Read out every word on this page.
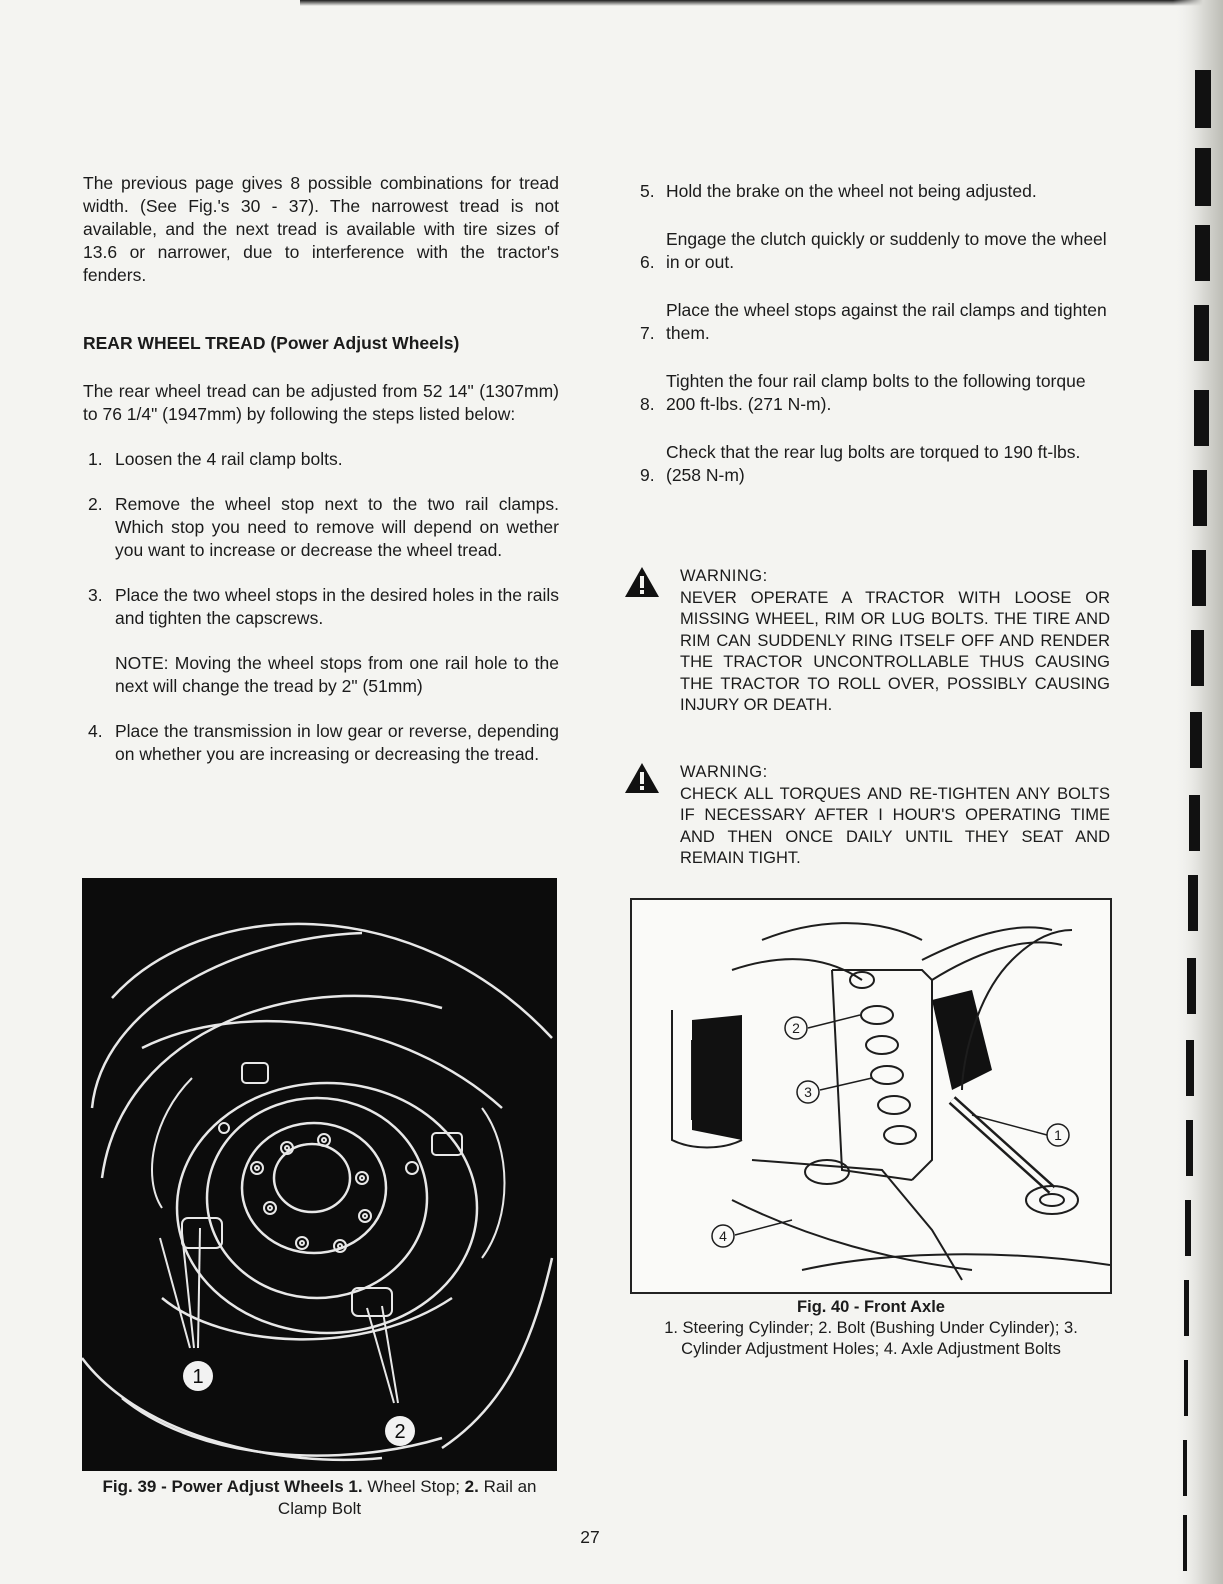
The previous page gives 8 possible combinations for tread width. (See Fig.'s 30 - 37). The narrowest tread is not available, and the next tread is available with tire sizes of 13.6 or narrower, due to interference with the tractor's fenders.

REAR WHEEL TREAD (Power Adjust Wheels)

The rear wheel tread can be adjusted from 52 14" (1307mm) to 76 1/4" (1947mm) by following the steps listed below:

1. Loosen the 4 rail clamp bolts.
2. Remove the wheel stop next to the two rail clamps. Which stop you need to remove will depend on wether you want to increase or decrease the wheel tread.
3. Place the two wheel stops in the desired holes in the rails and tighten the capscrews.

NOTE: Moving the wheel stops from one rail hole to the next will change the tread by 2" (51mm)

4. Place the transmission in low gear or reverse, depending on whether you are increasing or decreasing the tread.
5. Hold the brake on the wheel not being adjusted.
6.
Engage the clutch quickly or suddenly to move the wheel in or out.
7.
Place the wheel stops against the rail clamps and tighten them.
8.
Tighten the four rail clamp bolts to the following torque 200 ft-lbs. (271 N-m).
9.
Check that the rear lug bolts are torqued to 190 ft-lbs. (258 N-m)
WARNING:
NEVER OPERATE A TRACTOR WITH LOOSE OR MISSING WHEEL, RIM OR LUG BOLTS. THE TIRE AND RIM CAN SUDDENLY RING ITSELF OFF AND RENDER THE TRACTOR UNCONTROLLABLE THUS CAUSING THE TRACTOR TO ROLL OVER, POSSIBLY CAUSING INJURY OR DEATH.
WARNING:
CHECK ALL TORQUES AND RE-TIGHTEN ANY BOLTS IF NECESSARY AFTER I HOUR'S OPERATING TIME AND THEN ONCE DAILY UNTIL THEY SEAT AND REMAIN TIGHT.
1
2
Fig. 39 - Power Adjust Wheels 1. Wheel Stop; 2. Rail an Clamp Bolt
2
3
1
4
Fig. 40 - Front Axle
1. Steering Cylinder; 2. Bolt (Bushing Under Cylinder); 3. Cylinder Adjustment Holes; 4. Axle Adjustment Bolts
27
